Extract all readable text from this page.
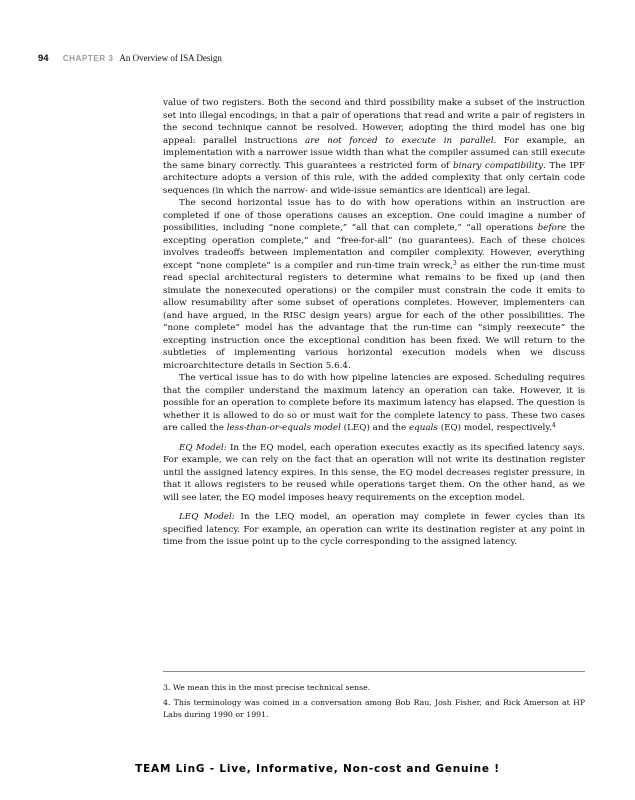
94 CHAPTER 3 An Overview of ISA Design

value of two registers. Both the second and third possibility make a subset of the instruction set into illegal encodings, in that a pair of operations that read and write a pair of registers in the second technique cannot be resolved. However, adopting the third model has one big appeal: parallel instructions are not forced to execute in parallel. For example, an implementation with a narrower issue width than what the compiler assumed can still execute the same binary correctly. This guarantees a restricted form of binary compatibility. The IPF architecture adopts a version of this rule, with the added complexity that only certain code sequences (in which the narrow- and wide-issue semantics are identical) are legal.

The second horizontal issue has to do with how operations within an instruction are completed if one of those operations causes an exception. One could imagine a number of possibilities, including “none complete,” “all that can complete,” “all operations before the excepting operation complete,” and “free-for-all” (no guarantees). Each of these choices involves tradeoffs between implementation and compiler complexity. However, everything except “none complete” is a compiler and run-time train wreck,$^3$ as either the run-time must read special architectural registers to determine what remains to be fixed up (and then simulate the nonexecuted operations) or the compiler must constrain the code it emits to allow resumability after some subset of operations completes. However, implementers can (and have argued, in the RISC design years) argue for each of the other possibilities. The “none complete” model has the advantage that the run-time can “simply reexecute” the excepting instruction once the exceptional condition has been fixed. We will return to the subtleties of implementing various horizontal execution models when we discuss microarchitecture details in Section 5.6.4.

The vertical issue has to do with how pipeline latencies are exposed. Scheduling requires that the compiler understand the maximum latency an operation can take. However, it is possible for an operation to complete before its maximum latency has elapsed. The question is whether it is allowed to do so or must wait for the complete latency to pass. These two cases are called the less-than-or-equals model (LEQ) and the equals (EQ) model, respectively.$^4$

EQ Model: In the EQ model, each operation executes exactly as its specified latency says. For example, we can rely on the fact that an operation will not write its destination register until the assigned latency expires. In this sense, the EQ model decreases register pressure, in that it allows registers to be reused while operations target them. On the other hand, as we will see later, the EQ model imposes heavy requirements on the exception model.

LEQ Model: In the LEQ model, an operation may complete in fewer cycles than its specified latency. For example, an operation can write its destination register at any point in time from the issue point up to the cycle corresponding to the assigned latency.

3. We mean this in the most precise technical sense.

4. This terminology was coined in a conversation among Bob Rau, Josh Fisher, and Rick Amerson at HP Labs during 1990 or 1991.

TEAM LinG - Live, Informative, Non-cost and Genuine !
